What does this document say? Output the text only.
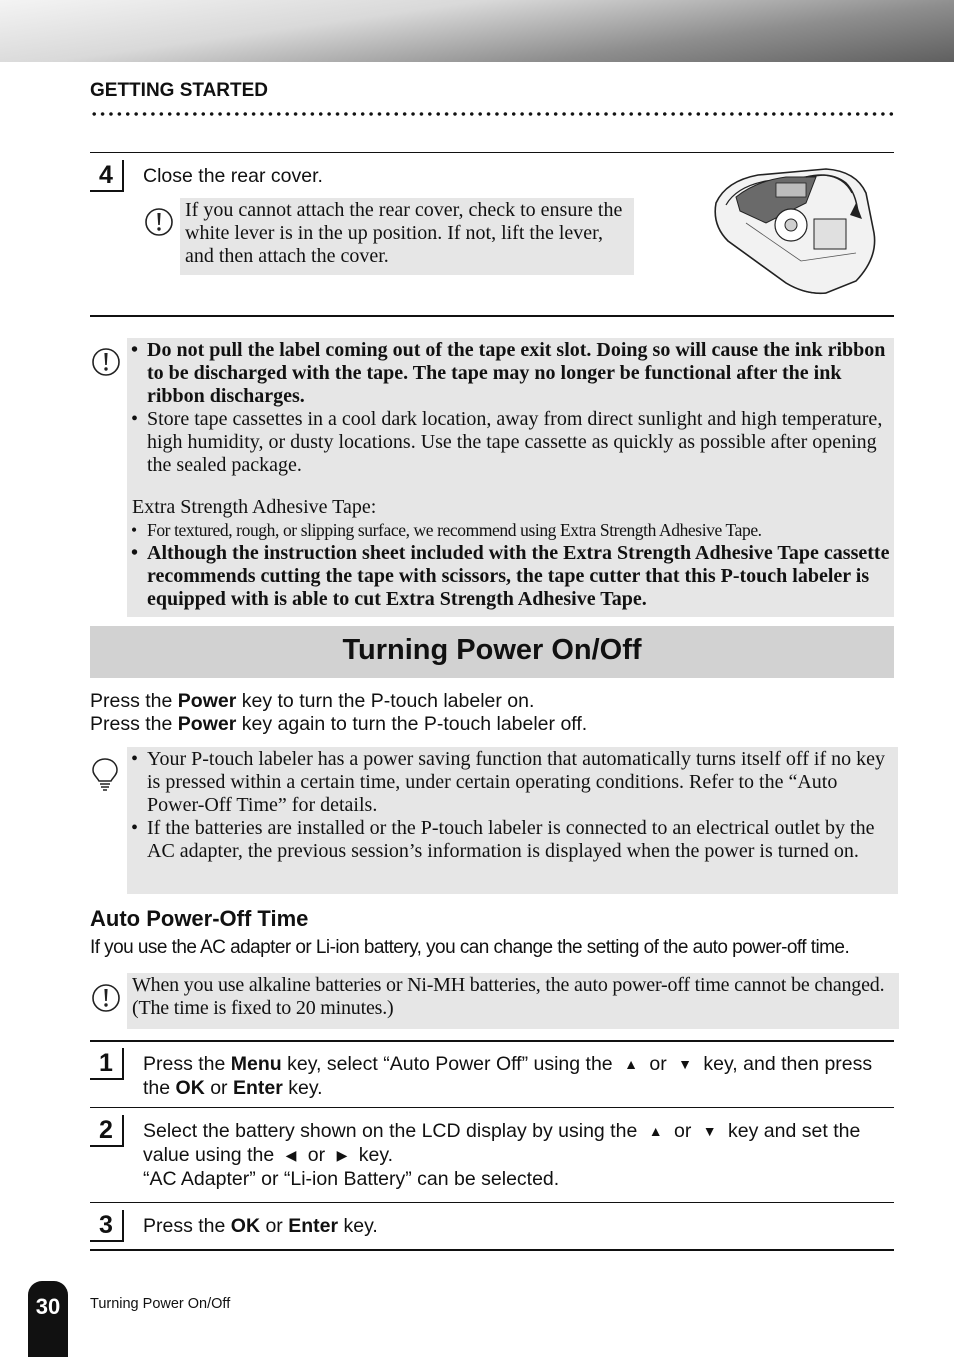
GETTING STARTED
4	Close the rear cover.
If you cannot attach the rear cover, check to ensure the white lever is in the up position. If not, lift the lever, and then attach the cover.
• Do not pull the label coming out of the tape exit slot. Doing so will cause the ink ribbon to be discharged with the tape. The tape may no longer be functional after the ink ribbon discharges.
• Store tape cassettes in a cool dark location, away from direct sunlight and high temperature, high humidity, or dusty locations. Use the tape cassette as quickly as possible after opening the sealed package.
Extra Strength Adhesive Tape:
• For textured, rough, or slipping surface, we recommend using Extra Strength Adhesive Tape.
• Although the instruction sheet included with the Extra Strength Adhesive Tape cassette recommends cutting the tape with scissors, the tape cutter that this P-touch labeler is equipped with is able to cut Extra Strength Adhesive Tape.
Turning Power On/Off
Press the Power key to turn the P-touch labeler on.
Press the Power key again to turn the P-touch labeler off.
• Your P-touch labeler has a power saving function that automatically turns itself off if no key is pressed within a certain time, under certain operating conditions. Refer to the “Auto Power-Off Time” for details.
• If the batteries are installed or the P-touch labeler is connected to an electrical outlet by the AC adapter, the previous session’s information is displayed when the power is turned on.
Auto Power-Off Time
If you use the AC adapter or Li-ion battery, you can change the setting of the auto power-off time.
When you use alkaline batteries or Ni-MH batteries, the auto power-off time cannot be changed. (The time is fixed to 20 minutes.)
1	Press the Menu key, select “Auto Power Off” using the ▲ or ▼ key, and then press
the OK or Enter key.
2	Select the battery shown on the LCD display by using the ▲ or ▼ key and set the
value using the ◀ or ▶ key.
“AC Adapter” or “Li-ion Battery” can be selected.
3	Press the OK or Enter key.
30	Turning Power On/Off
